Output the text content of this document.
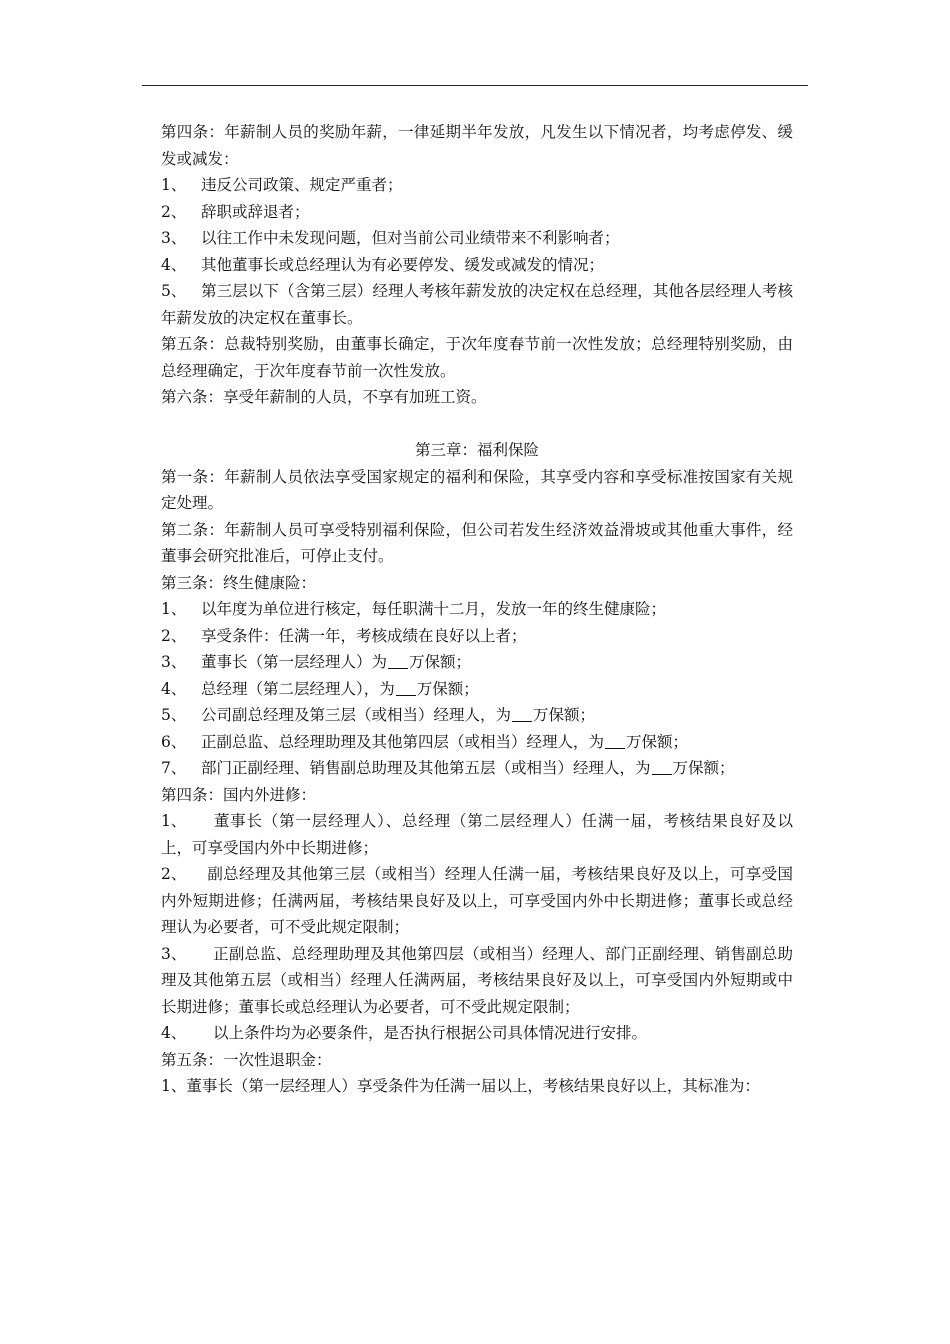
第四条：年薪制人员的奖励年薪，一律延期半年发放，凡发生以下情况者，均考虑停发、缓发或减发：

1、 违反公司政策、规定严重者；

2、 辞职或辞退者；

3、 以往工作中未发现问题，但对当前公司业绩带来不利影响者；

4、 其他董事长或总经理认为有必要停发、缓发或减发的情况；

5、 第三层以下（含第三层）经理人考核年薪发放的决定权在总经理，其他各层经理人考核年薪发放的决定权在董事长。

第五条：总裁特别奖励，由董事长确定，于次年度春节前一次性发放；总经理特别奖励，由总经理确定，于次年度春节前一次性发放。

第六条：享受年薪制的人员，不享有加班工资。

第三章：福利保险

第一条：年薪制人员依法享受国家规定的福利和保险，其享受内容和享受标准按国家有关规定处理。

第二条：年薪制人员可享受特别福利保险，但公司若发生经济效益滑坡或其他重大事件，经董事会研究批准后，可停止支付。

第三条：终生健康险：

1、 以年度为单位进行核定，每任职满十二月，发放一年的终生健康险；

2、 享受条件：任满一年，考核成绩在良好以上者；

3、 董事长（第一层经理人）为 万保额；

4、 总经理（第二层经理人），为 万保额；

5、 公司副总经理及第三层（或相当）经理人，为 万保额；

6、 正副总监、总经理助理及其他第四层（或相当）经理人，为 万保额；

7、 部门正副经理、销售副总助理及其他第五层（或相当）经理人，为 万保额；

第四条：国内外进修：

1、 董事长（第一层经理人）、总经理（第二层经理人）任满一届，考核结果良好及以上，可享受国内外中长期进修；

2、 副总经理及其他第三层（或相当）经理人任满一届，考核结果良好及以上，可享受国内外短期进修；任满两届，考核结果良好及以上，可享受国内外中长期进修；董事长或总经理认为必要者，可不受此规定限制；

3、 正副总监、总经理助理及其他第四层（或相当）经理人、部门正副经理、销售副总助理及其他第五层（或相当）经理人任满两届，考核结果良好及以上，可享受国内外短期或中长期进修；董事长或总经理认为必要者，可不受此规定限制；

4、 以上条件均为必要条件，是否执行根据公司具体情况进行安排。

第五条：一次性退职金：

1、董事长（第一层经理人）享受条件为任满一届以上，考核结果良好以上，其标准为：
